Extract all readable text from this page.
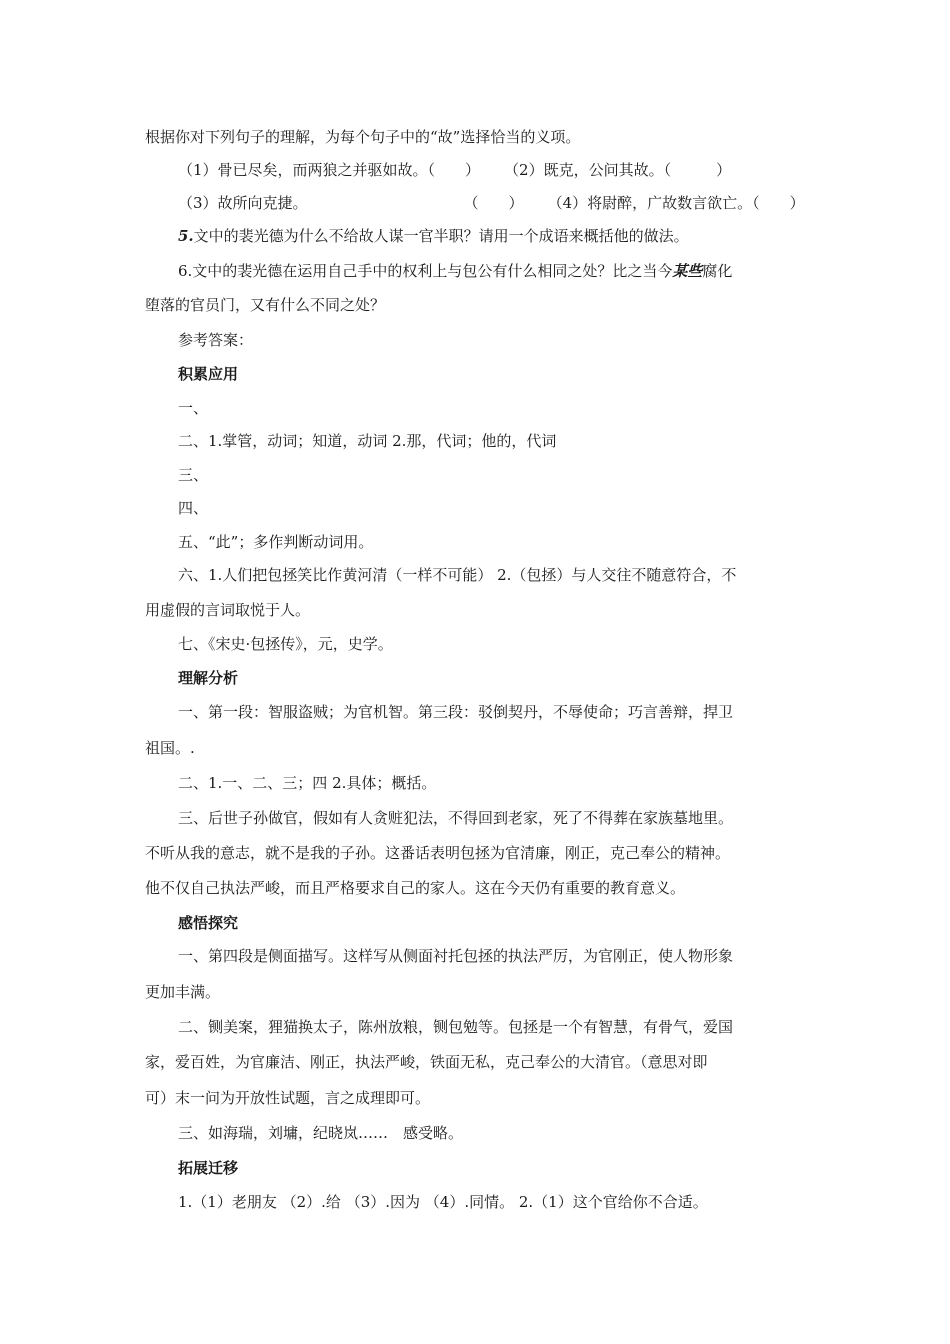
根据你对下列句子的理解，为每个句子中的“故”选择恰当的义项。
（1）骨已尽矣，而两狼之并驱如故。（　　） （2）既克，公问其故。（　　　）
（3）故所向克捷。	（　　） （4）将尉醉，广故数言欲亡。（　　）
5.文中的裴光德为什么不给故人谋一官半职？请用一个成语来概括他的做法。
6.文中的裴光德在运用自己手中的权利上与包公有什么相同之处？比之当今某些腐化
堕落的官员门，又有什么不同之处？
参考答案：
积累应用
一、
二、1.掌管，动词；知道，动词 2.那，代词；他的，代词
三、
四、
五、“此”；多作判断动词用。
六、1.人们把包拯笑比作黄河清（一样不可能） 2.（包拯）与人交往不随意符合，不
用虚假的言词取悦于人。
七、《宋史·包拯传》，元，史学。
理解分析
一、第一段：智服盗贼；为官机智。第三段：驳倒契丹，不辱使命；巧言善辩，捍卫
祖国。.
二、1.一、二、三；四 2.具体；概括。
三、后世子孙做官，假如有人贪赃犯法，不得回到老家，死了不得葬在家族墓地里。
不听从我的意志，就不是我的子孙。这番话表明包拯为官清廉，刚正，克己奉公的精神。
他不仅自己执法严峻，而且严格要求自己的家人。这在今天仍有重要的教育意义。
感悟探究
一、第四段是侧面描写。这样写从侧面衬托包拯的执法严厉，为官刚正，使人物形象
更加丰满。
二、铡美案，狸猫换太子，陈州放粮，铡包勉等。包拯是一个有智慧，有骨气，爱国
家，爱百姓，为官廉洁、刚正，执法严峻，铁面无私，克己奉公的大清官。（意思对即
可）末一问为开放性试题，言之成理即可。
三、如海瑞，刘墉，纪晓岚……　感受略。
拓展迁移
1.（1）老朋友 （2）.给 （3）.因为 （4）.同情。 2.（1）这个官给你不合适。
